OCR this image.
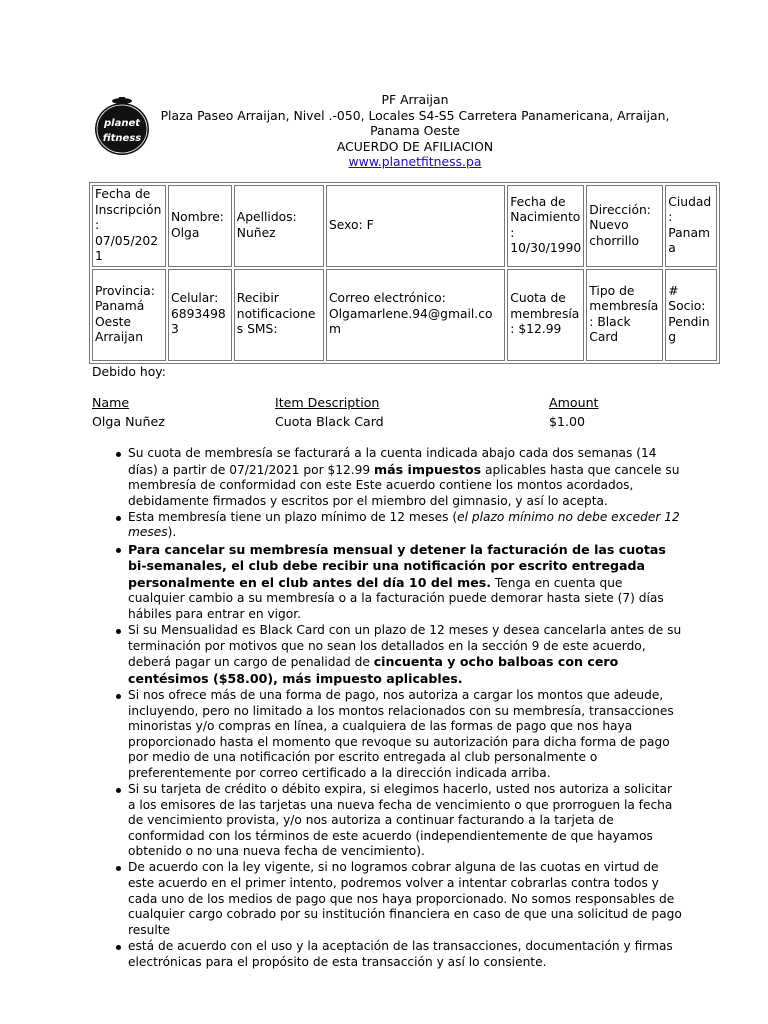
planet
fitness
PF Arraijan
Plaza Paseo Arraijan, Nivel .-050, Locales S4-S5 Carretera Panamericana, Arraijan, Panama Oeste
ACUERDO DE AFILIACION
www.planetfitness.pa
Fecha de Inscripción: 07/05/2021	Nombre: Olga	Apellidos: Nuñez	Sexo: F	Fecha de Nacimiento: 10/30/1990	Dirección: Nuevo chorrillo	Ciudad: Panama
Provincia: Panamá Oeste Arraijan	Celular: 68934983	Recibir notificaciones SMS:	Correo electrónico: Olgamarlene.94@gmail.com	Cuota de membresía: $12.99	Tipo de membresía: Black Card	# Socio: Pending
Debido hoy:
Name	Item Description	Amount
Olga Nuñez	Cuota Black Card	$1.00
Su cuota de membresía se facturará a la cuenta indicada abajo cada dos semanas (14 días) a partir de 07/21/2021 por $12.99 más impuestos aplicables hasta que cancele su membresía de conformidad con este Este acuerdo contiene los montos acordados, debidamente firmados y escritos por el miembro del gimnasio, y así lo acepta.
Esta membresía tiene un plazo mínimo de 12 meses (el plazo mínimo no debe exceder 12 meses).
Para cancelar su membresía mensual y detener la facturación de las cuotas bi-semanales, el club debe recibir una notificación por escrito entregada personalmente en el club antes del día 10 del mes. Tenga en cuenta que cualquier cambio a su membresía o a la facturación puede demorar hasta siete (7) días hábiles para entrar en vigor.
Si su Mensualidad es Black Card con un plazo de 12 meses y desea cancelarla antes de su terminación por motivos que no sean los detallados en la sección 9 de este acuerdo, deberá pagar un cargo de penalidad de cincuenta y ocho balboas con cero centésimos ($58.00), más impuesto aplicables.
Si nos ofrece más de una forma de pago, nos autoriza a cargar los montos que adeude, incluyendo, pero no limitado a los montos relacionados con su membresía, transacciones minoristas y/o compras en línea, a cualquiera de las formas de pago que nos haya proporcionado hasta el momento que revoque su autorización para dicha forma de pago por medio de una notificación por escrito entregada al club personalmente o preferentemente por correo certificado a la dirección indicada arriba.
Si su tarjeta de crédito o débito expira, si elegimos hacerlo, usted nos autoriza a solicitar a los emisores de las tarjetas una nueva fecha de vencimiento o que prorroguen la fecha de vencimiento provista, y/o nos autoriza a continuar facturando a la tarjeta de conformidad con los términos de este acuerdo (independientemente de que hayamos obtenido o no una nueva fecha de vencimiento).
De acuerdo con la ley vigente, si no logramos cobrar alguna de las cuotas en virtud de este acuerdo en el primer intento, podremos volver a intentar cobrarlas contra todos y cada uno de los medios de pago que nos haya proporcionado. No somos responsables de cualquier cargo cobrado por su institución financiera en caso de que una solicitud de pago resulte
está de acuerdo con el uso y la aceptación de las transacciones, documentación y firmas electrónicas para el propósito de esta transacción y así lo consiente.
